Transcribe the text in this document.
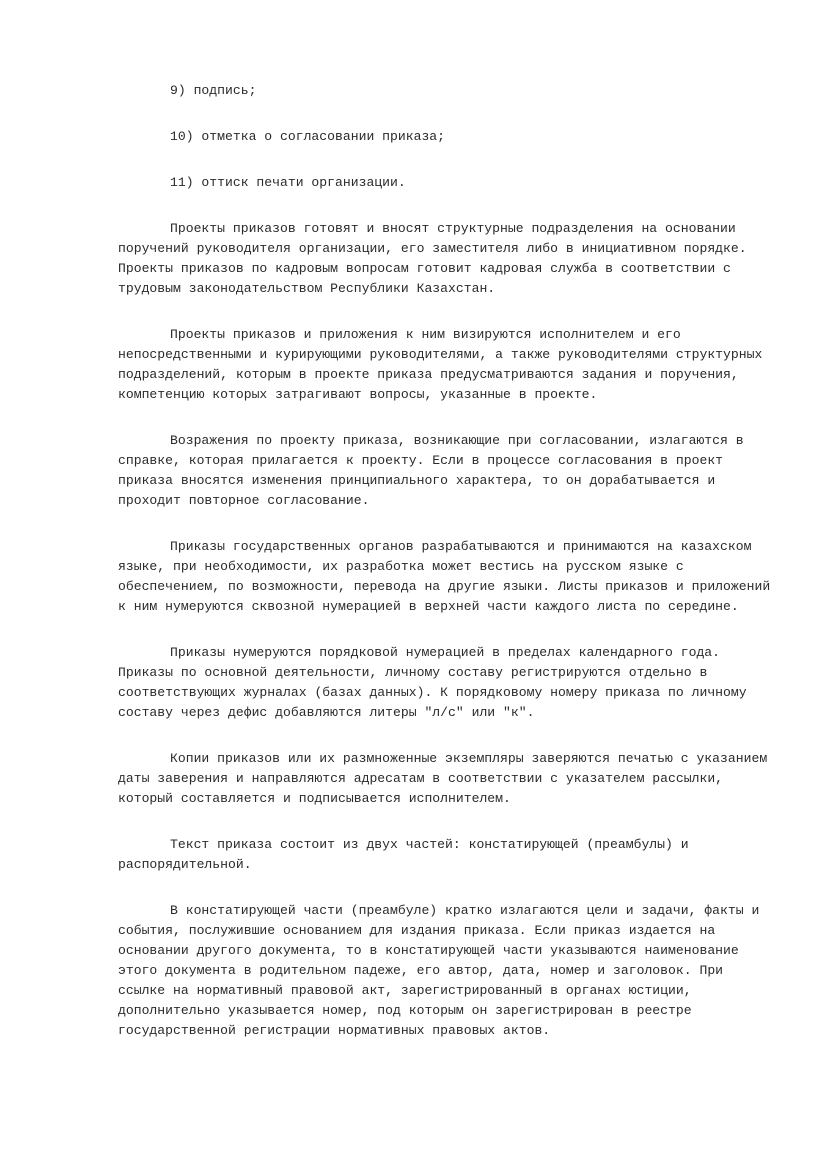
9) подпись;
10) отметка о согласовании приказа;
11) оттиск печати организации.

Проекты приказов готовят и вносят структурные подразделения на основании поручений руководителя организации, его заместителя либо в инициативном порядке. Проекты приказов по кадровым вопросам готовит кадровая служба в соответствии с трудовым законодательством Республики Казахстан.

Проекты приказов и приложения к ним визируются исполнителем и его непосредственными и курирующими руководителями, а также руководителями структурных подразделений, которым в проекте приказа предусматриваются задания и поручения, компетенцию которых затрагивают вопросы, указанные в проекте.

Возражения по проекту приказа, возникающие при согласовании, излагаются в справке, которая прилагается к проекту. Если в процессе согласования в проект приказа вносятся изменения принципиального характера, то он дорабатывается и проходит повторное согласование.

Приказы государственных органов разрабатываются и принимаются на казахском языке, при необходимости, их разработка может вестись на русском языке с обеспечением, по возможности, перевода на другие языки. Листы приказов и приложений к ним нумеруются сквозной нумерацией в верхней части каждого листа по середине.

Приказы нумеруются порядковой нумерацией в пределах календарного года. Приказы по основной деятельности, личному составу регистрируются отдельно в соответствующих журналах (базах данных). К порядковому номеру приказа по личному составу через дефис добавляются литеры "л/с" или "к".

Копии приказов или их размноженные экземпляры заверяются печатью с указанием даты заверения и направляются адресатам в соответствии с указателем рассылки, который составляется и подписывается исполнителем.

Текст приказа состоит из двух частей: констатирующей (преамбулы) и распорядительной.

В констатирующей части (преамбуле) кратко излагаются цели и задачи, факты и события, послужившие основанием для издания приказа. Если приказ издается на основании другого документа, то в констатирующей части указываются наименование этого документа в родительном падеже, его автор, дата, номер и заголовок. При ссылке на нормативный правовой акт, зарегистрированный в органах юстиции, дополнительно указывается номер, под которым он зарегистрирован в реестре государственной регистрации нормативных правовых актов.
